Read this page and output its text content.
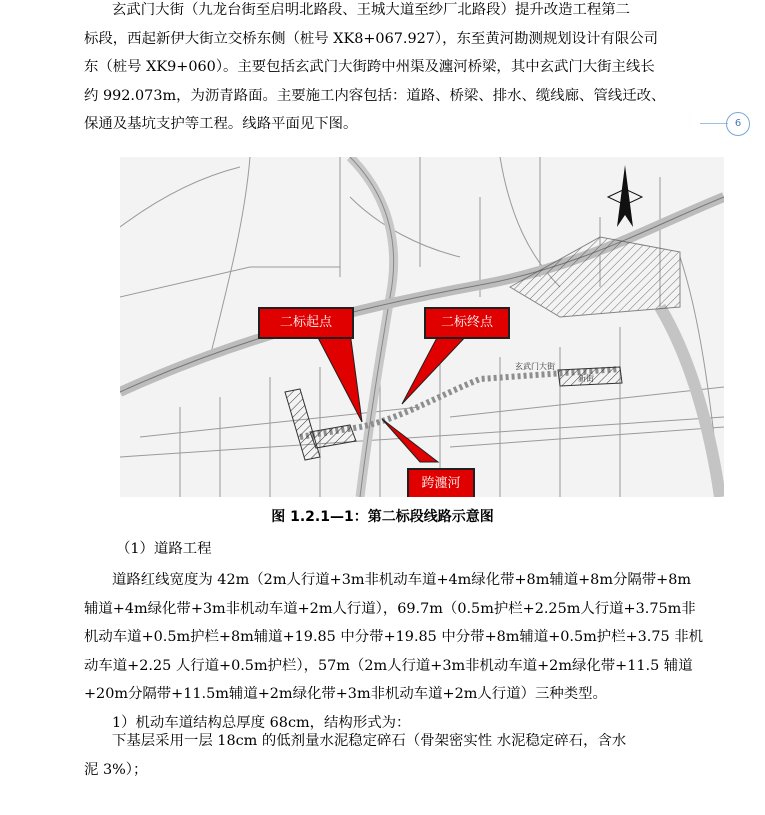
玄武门大街（九龙台街至启明北路段、王城大道至纱厂北路段）提升改造工程第二
标段，西起新伊大街立交桥东侧（桩号 XK8+067.927），东至黄河勘测规划设计有限公司
东（桩号 XK9+060）。主要包括玄武门大街跨中州渠及瀍河桥梁，其中玄武门大街主线长
约 992.073m，为沥青路面。主要施工内容包括：道路、桥梁、排水、缆线廊、管线迁改、
保通及基坑支护等工程。线路平面见下图。	6
玄武门大街
新街
二标起点	二标终点
跨瀍河
图 1.2.1—1：第二标段线路示意图
（1）道路工程
道路红线宽度为 42m（2m人行道+3m非机动车道+4m绿化带+8m辅道+8m分隔带+8m
辅道+4m绿化带+3m非机动车道+2m人行道），69.7m（0.5m护栏+2.25m人行道+3.75m非
机动车道+0.5m护栏+8m辅道+19.85 中分带+19.85 中分带+8m辅道+0.5m护栏+3.75 非机
动车道+2.25 人行道+0.5m护栏），57m（2m人行道+3m非机动车道+2m绿化带+11.5 辅道
+20m分隔带+11.5m辅道+2m绿化带+3m非机动车道+2m人行道）三种类型。
1）机动车道结构总厚度 68cm，结构形式为：
下基层采用一层 18cm 的低剂量水泥稳定碎石（骨架密实性 水泥稳定碎石，含水
泥 3%）；
